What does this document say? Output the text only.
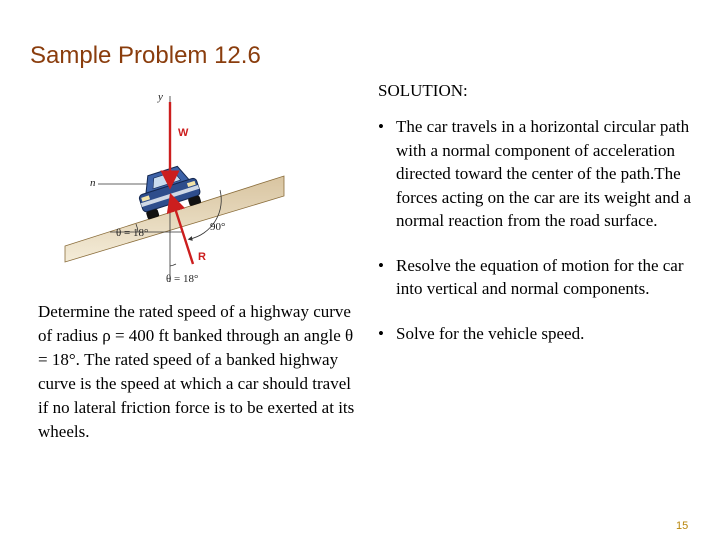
Sample Problem 12.6
y
n
W
R
θ = 18°	90°
θ = 18°
SOLUTION:
• The car travels in a horizontal circular path with a normal component of acceleration directed toward the center of the path.The forces acting on the car are its weight and a normal reaction from the road surface.
• Resolve the equation of motion for the car into vertical and normal components.
• Solve for the vehicle speed.
Determine the rated speed of a highway curve of radius ρ = 400 ft banked through an angle θ = 18°. The rated speed of a banked highway curve is the speed at which a car should travel if no lateral friction force is to be exerted at its wheels.
15
